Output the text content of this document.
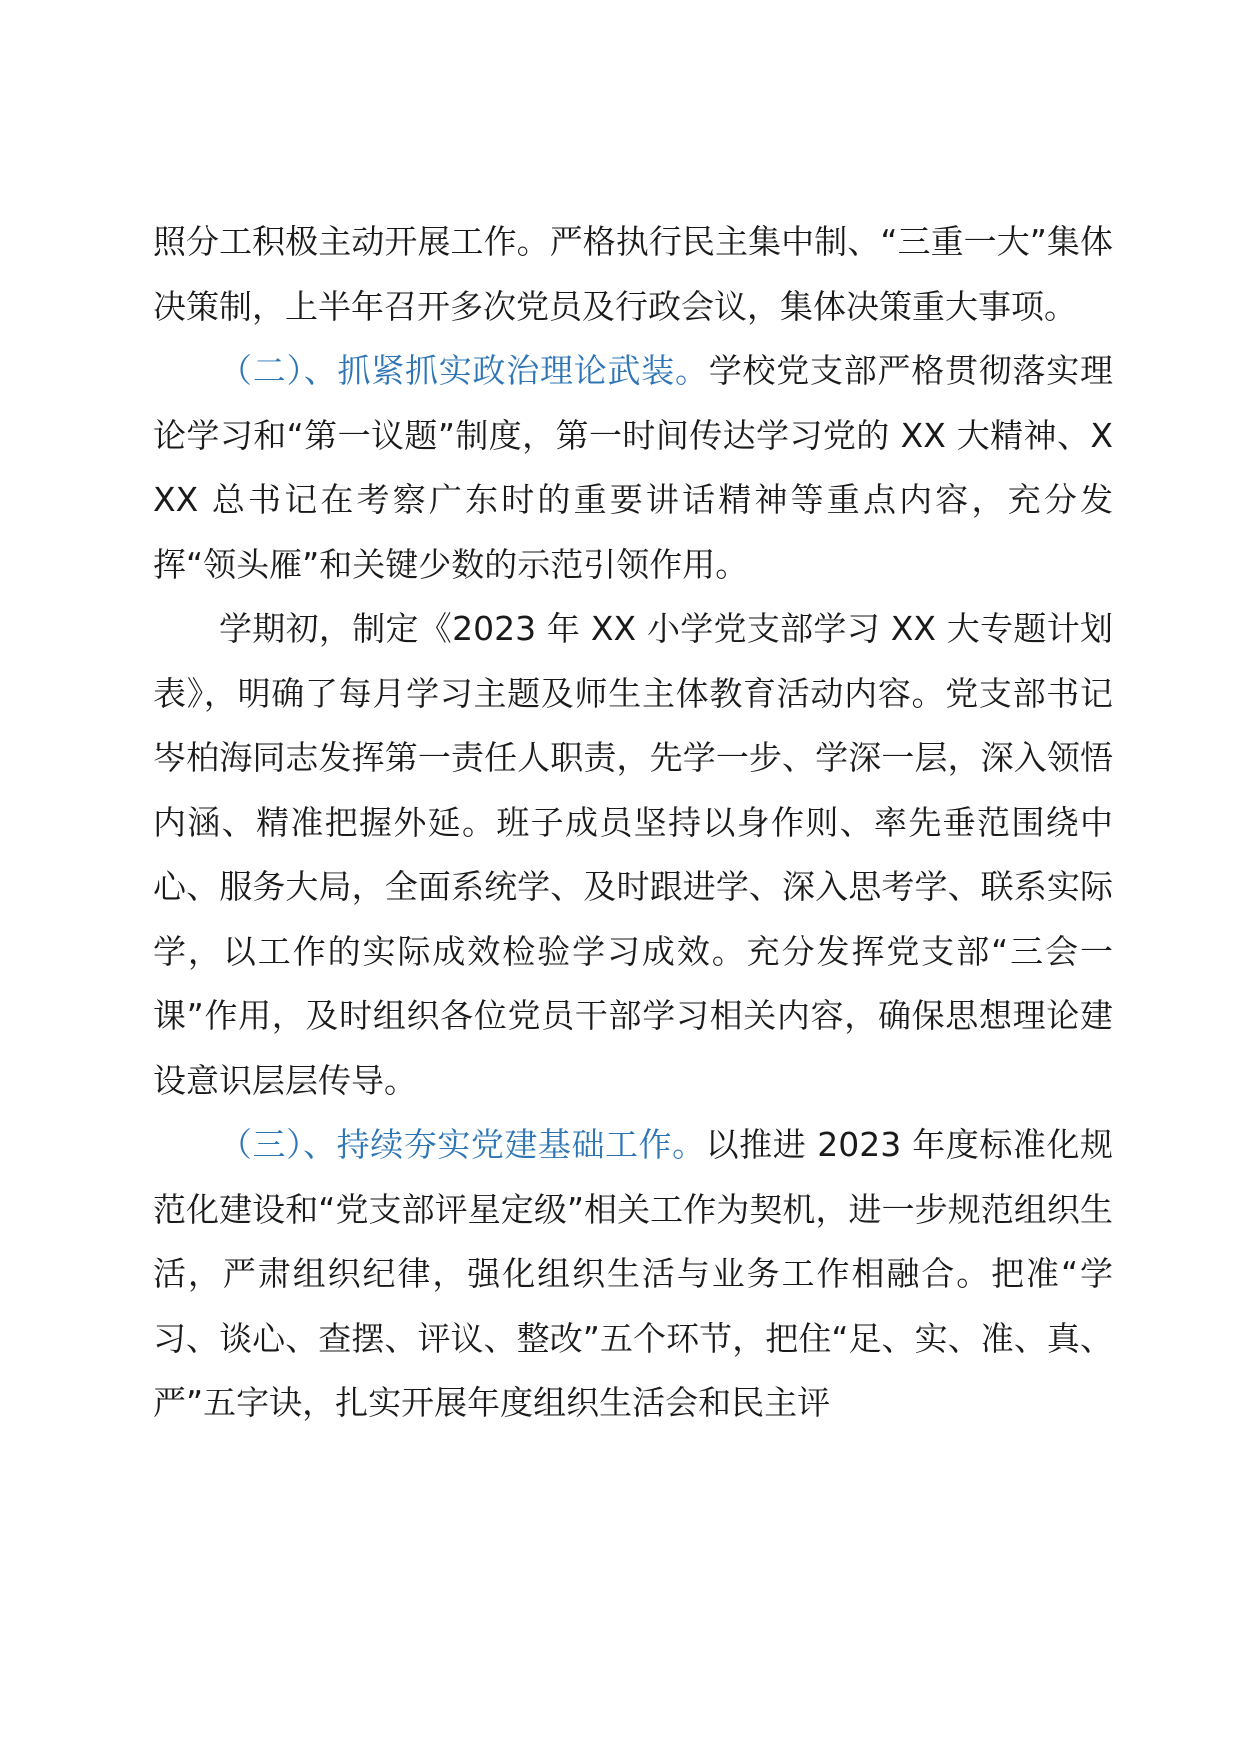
照分工积极主动开展工作。严格执行民主集中制、“三重一大”集体决策制，上半年召开多次党员及行政会议，集体决策重大事项。

（二）、抓紧抓实政治理论武装。学校党支部严格贯彻落实理论学习和“第一议题”制度，第一时间传达学习党的 XX 大精神、XXX 总书记在考察广东时的重要讲话精神等重点内容，充分发挥“领头雁”和关键少数的示范引领作用。

学期初，制定《2023 年 XX 小学党支部学习 XX 大专题计划表》，明确了每月学习主题及师生主体教育活动内容。党支部书记岑柏海同志发挥第一责任人职责，先学一步、学深一层，深入领悟内涵、精准把握外延。班子成员坚持以身作则、率先垂范围绕中心、服务大局，全面系统学、及时跟进学、深入思考学、联系实际学，以工作的实际成效检验学习成效。充分发挥党支部“三会一课”作用，及时组织各位党员干部学习相关内容，确保思想理论建设意识层层传导。

（三）、持续夯实党建基础工作。以推进 2023 年度标准化规范化建设和“党支部评星定级”相关工作为契机，进一步规范组织生活，严肃组织纪律，强化组织生活与业务工作相融合。把准“学习、谈心、查摆、评议、整改”五个环节，把住“足、实、准、真、严”五字诀，扎实开展年度组织生活会和民主评
